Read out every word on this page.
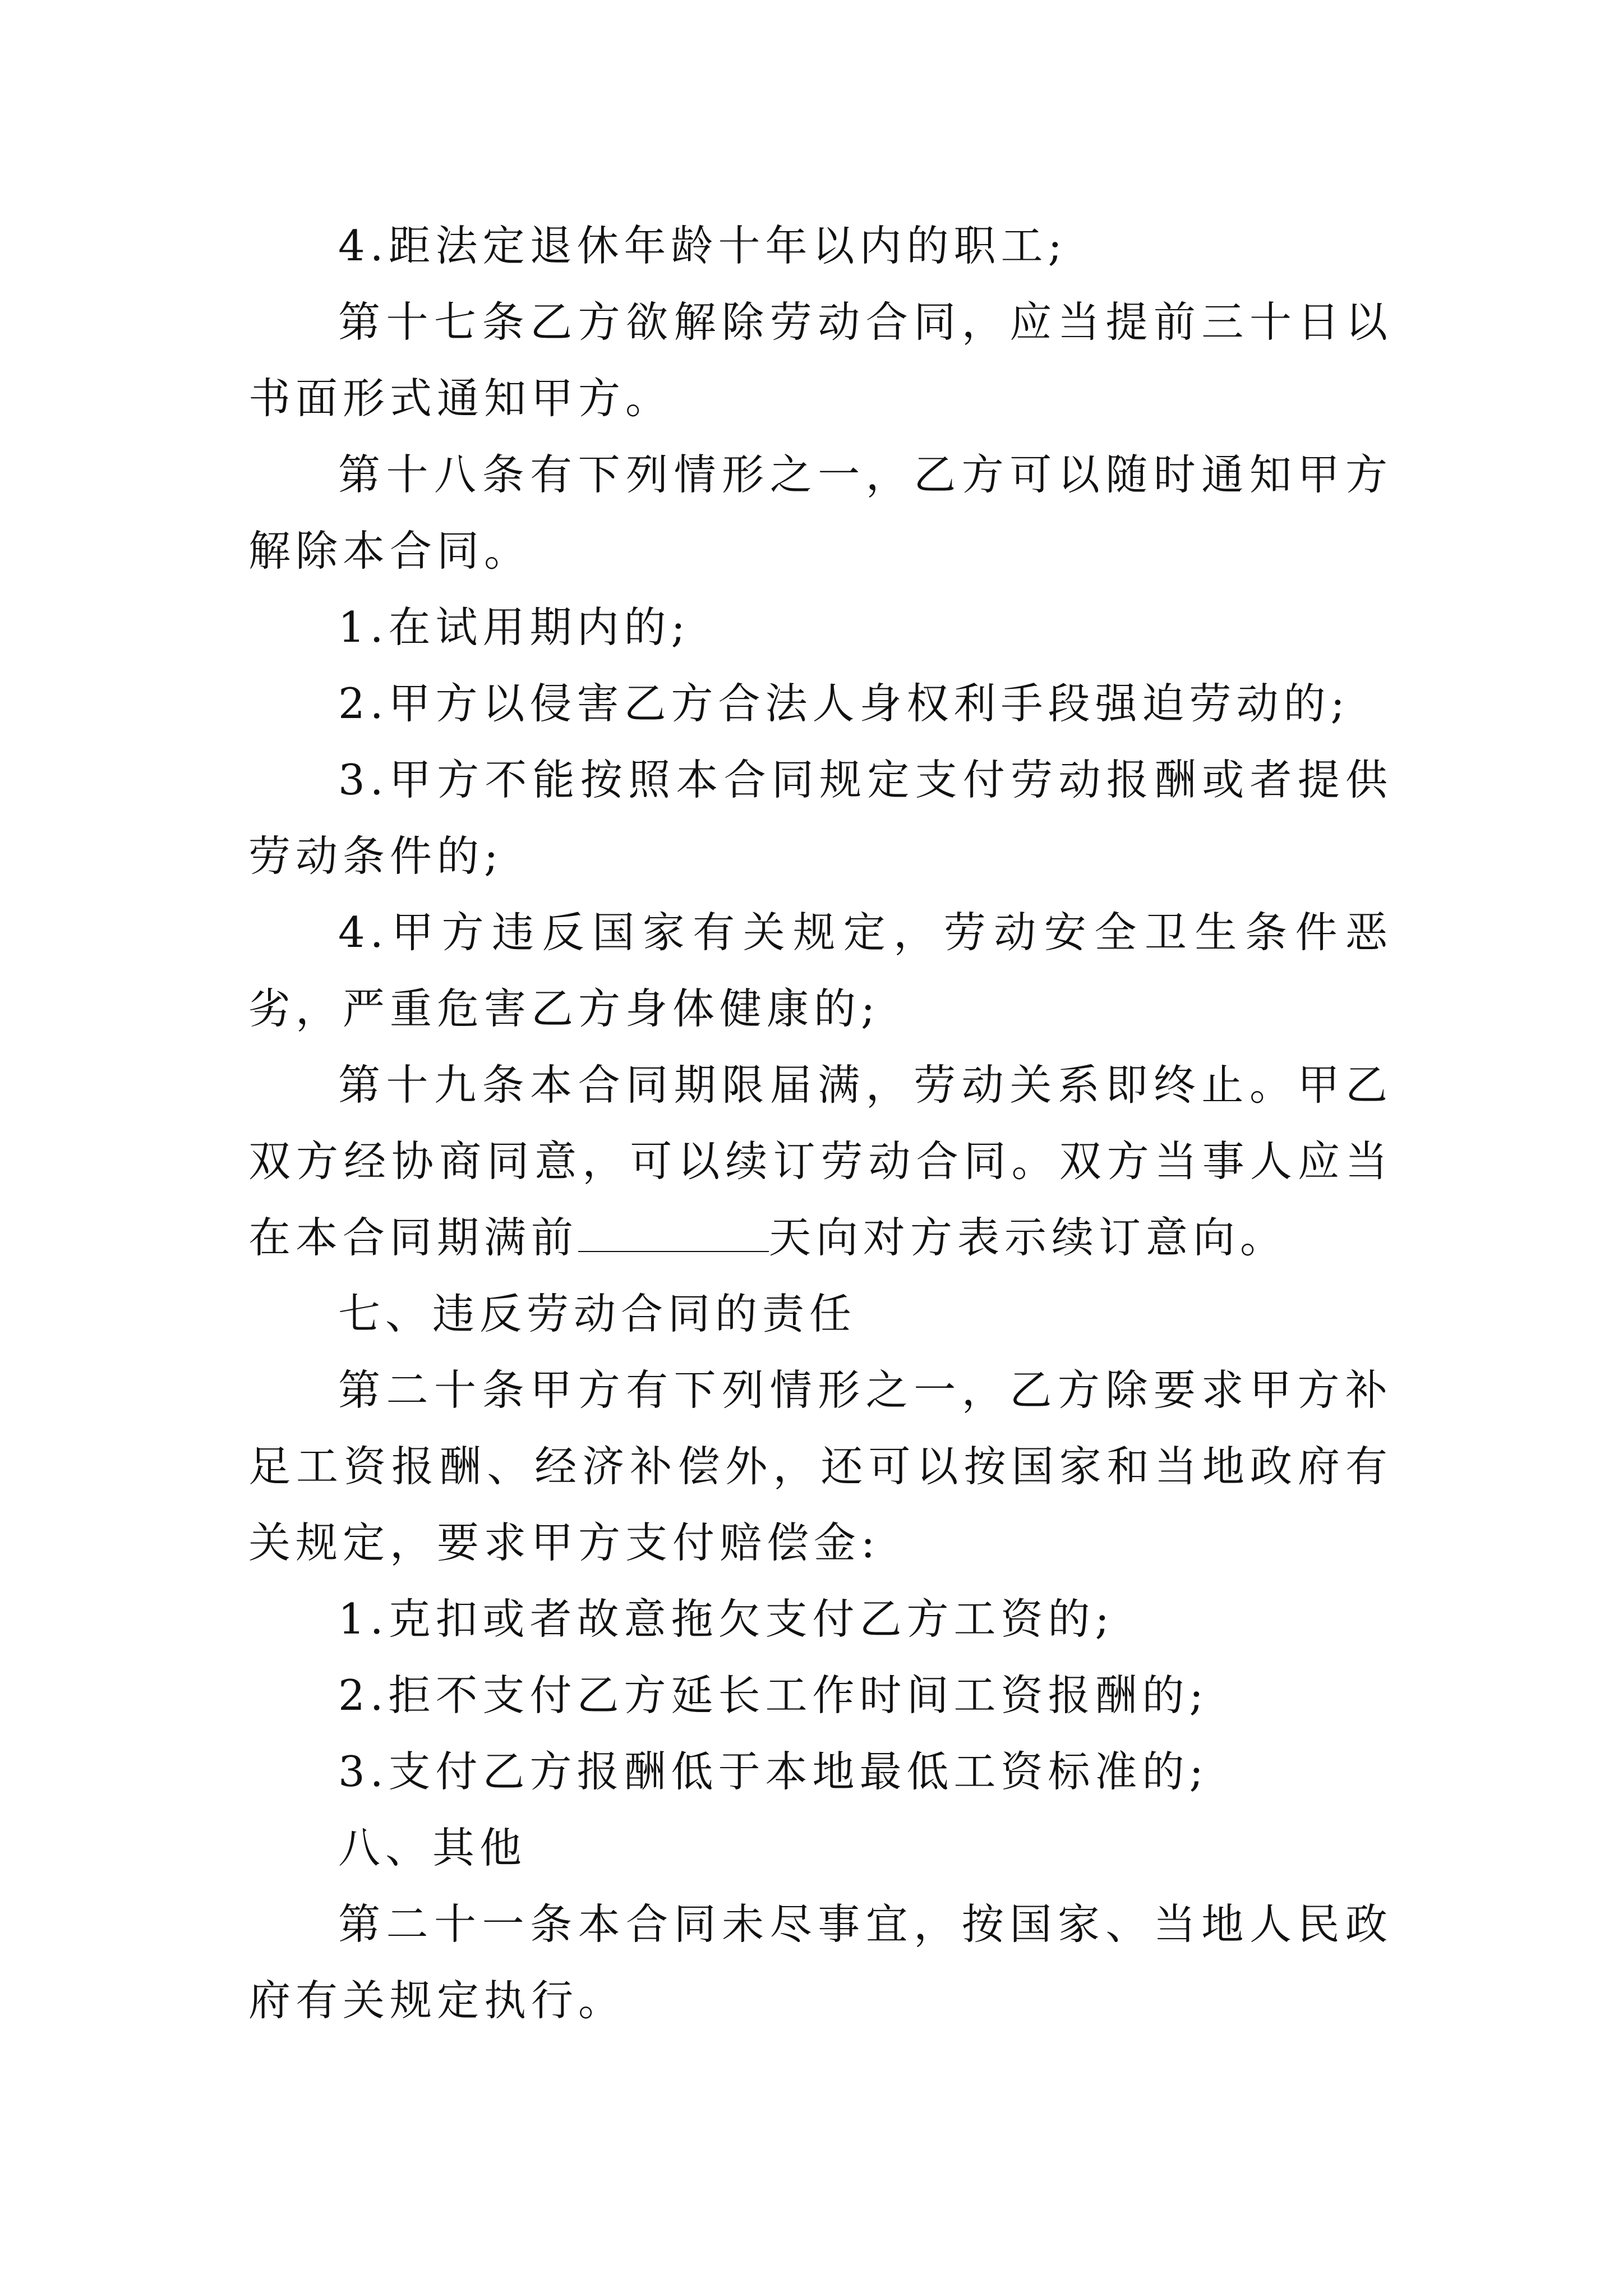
4.距法定退休年龄十年以内的职工;

第十七条乙方欲解除劳动合同，应当提前三十日以书面形式通知甲方。

第十八条有下列情形之一，乙方可以随时通知甲方解除本合同。

1.在试用期内的;

2.甲方以侵害乙方合法人身权利手段强迫劳动的;

3.甲方不能按照本合同规定支付劳动报酬或者提供劳动条件的;

4.甲方违反国家有关规定，劳动安全卫生条件恶劣，严重危害乙方身体健康的;

第十九条本合同期限届满，劳动关系即终止。甲乙双方经协商同意，可以续订劳动合同。双方当事人应当在本合同期满前	天向对方表示续订意向。

七、违反劳动合同的责任

第二十条甲方有下列情形之一，乙方除要求甲方补足工资报酬、经济补偿外，还可以按国家和当地政府有关规定，要求甲方支付赔偿金:

1.克扣或者故意拖欠支付乙方工资的;

2.拒不支付乙方延长工作时间工资报酬的;

3.支付乙方报酬低于本地最低工资标准的;

八、其他

第二十一条本合同未尽事宜，按国家、当地人民政府有关规定执行。
